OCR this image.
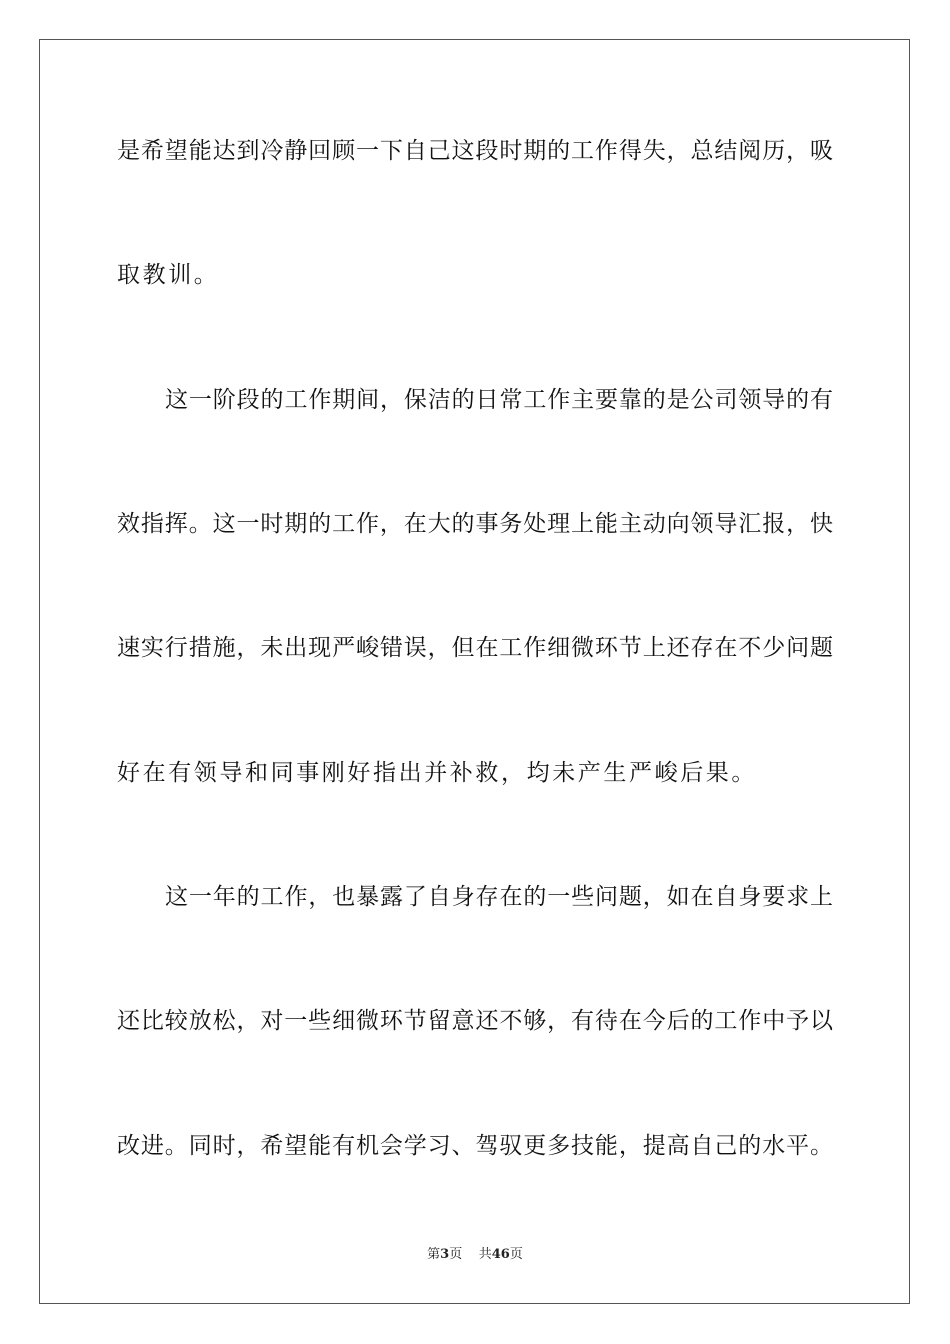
是希望能达到冷静回顾一下自己这段时期的工作得失，总结阅历，吸
取教训。
这一阶段的工作期间，保洁的日常工作主要靠的是公司领导的有
效指挥。这一时期的工作，在大的事务处理上能主动向领导汇报，快
速实行措施，未出现严峻错误，但在工作细微环节上还存在不少问题
好在有领导和同事刚好指出并补救，均未产生严峻后果。
这一年的工作，也暴露了自身存在的一些问题，如在自身要求上
还比较放松，对一些细微环节留意还不够，有待在今后的工作中予以
改进。同时，希望能有机会学习、驾驭更多技能，提高自己的水平。
第3页 共46页
